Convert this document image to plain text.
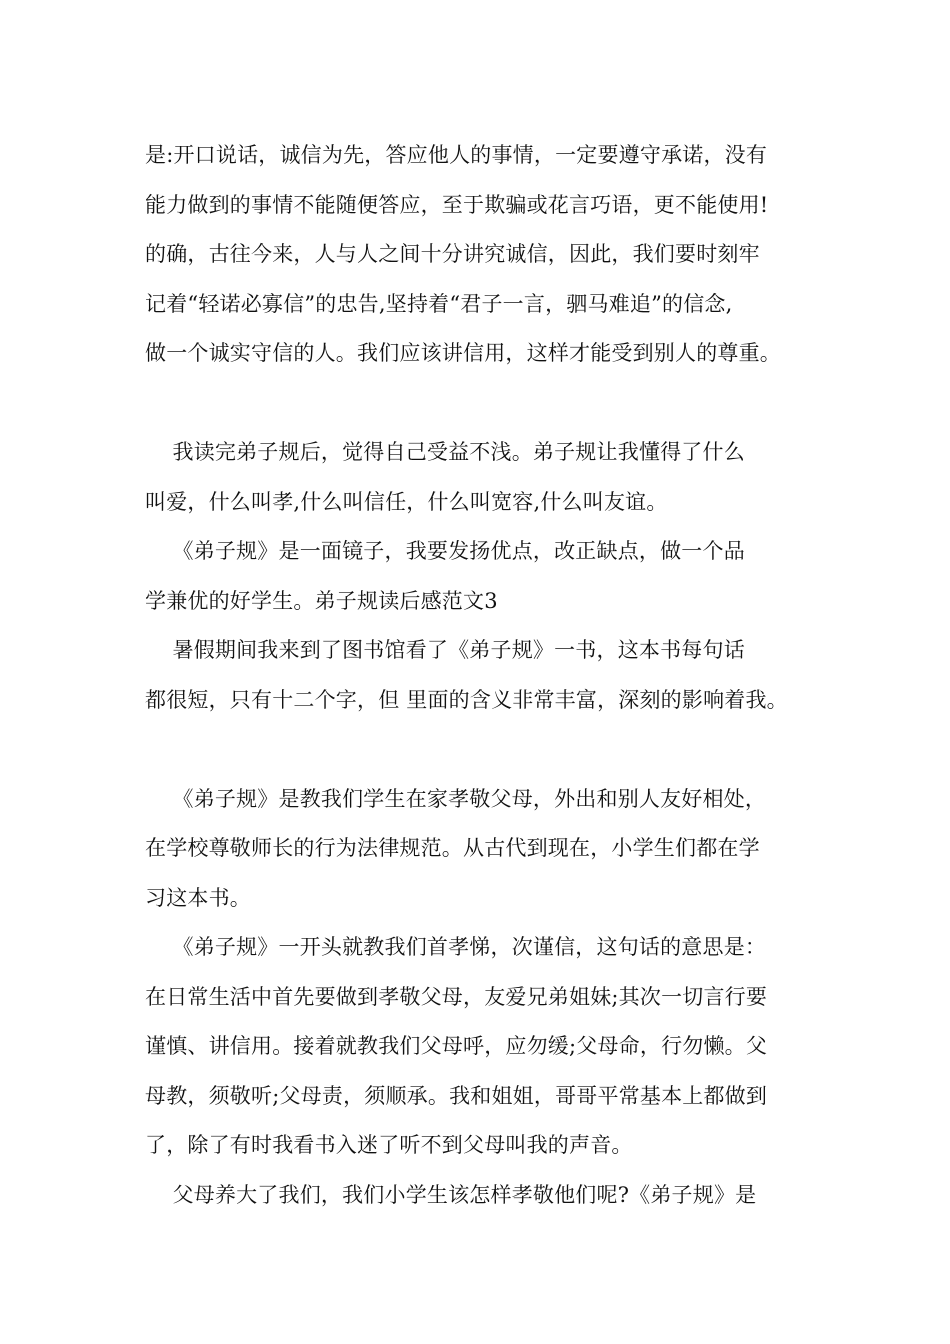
是:开口说话，诚信为先，答应他人的事情，一定要遵守承诺，没有
能力做到的事情不能随便答应，至于欺骗或花言巧语，更不能使用!
的确，古往今来，人与人之间十分讲究诚信，因此，我们要时刻牢
记着“轻诺必寡信”的忠告,坚持着“君子一言，驷马难追”的信念,
做一个诚实守信的人。我们应该讲信用，这样才能受到别人的尊重。
我读完弟子规后，觉得自己受益不浅。弟子规让我懂得了什么
叫爱，什么叫孝,什么叫信任，什么叫宽容,什么叫友谊。
《弟子规》是一面镜子，我要发扬优点，改正缺点，做一个品
学兼优的好学生。弟子规读后感范文3
暑假期间我来到了图书馆看了《弟子规》一书，这本书每句话
都很短，只有十二个字，但 里面的含义非常丰富，深刻的影响着我。
《弟子规》是教我们学生在家孝敬父母，外出和别人友好相处，
在学校尊敬师长的行为法律规范。从古代到现在，小学生们都在学
习这本书。
《弟子规》一开头就教我们首孝悌，次谨信，这句话的意思是：
在日常生活中首先要做到孝敬父母，友爱兄弟姐妹;其次一切言行要
谨慎、讲信用。接着就教我们父母呼，应勿缓;父母命，行勿懒。父
母教，须敬听;父母责，须顺承。我和姐姐，哥哥平常基本上都做到
了，除了有时我看书入迷了听不到父母叫我的声音。
父母养大了我们，我们小学生该怎样孝敬他们呢?《弟子规》是
